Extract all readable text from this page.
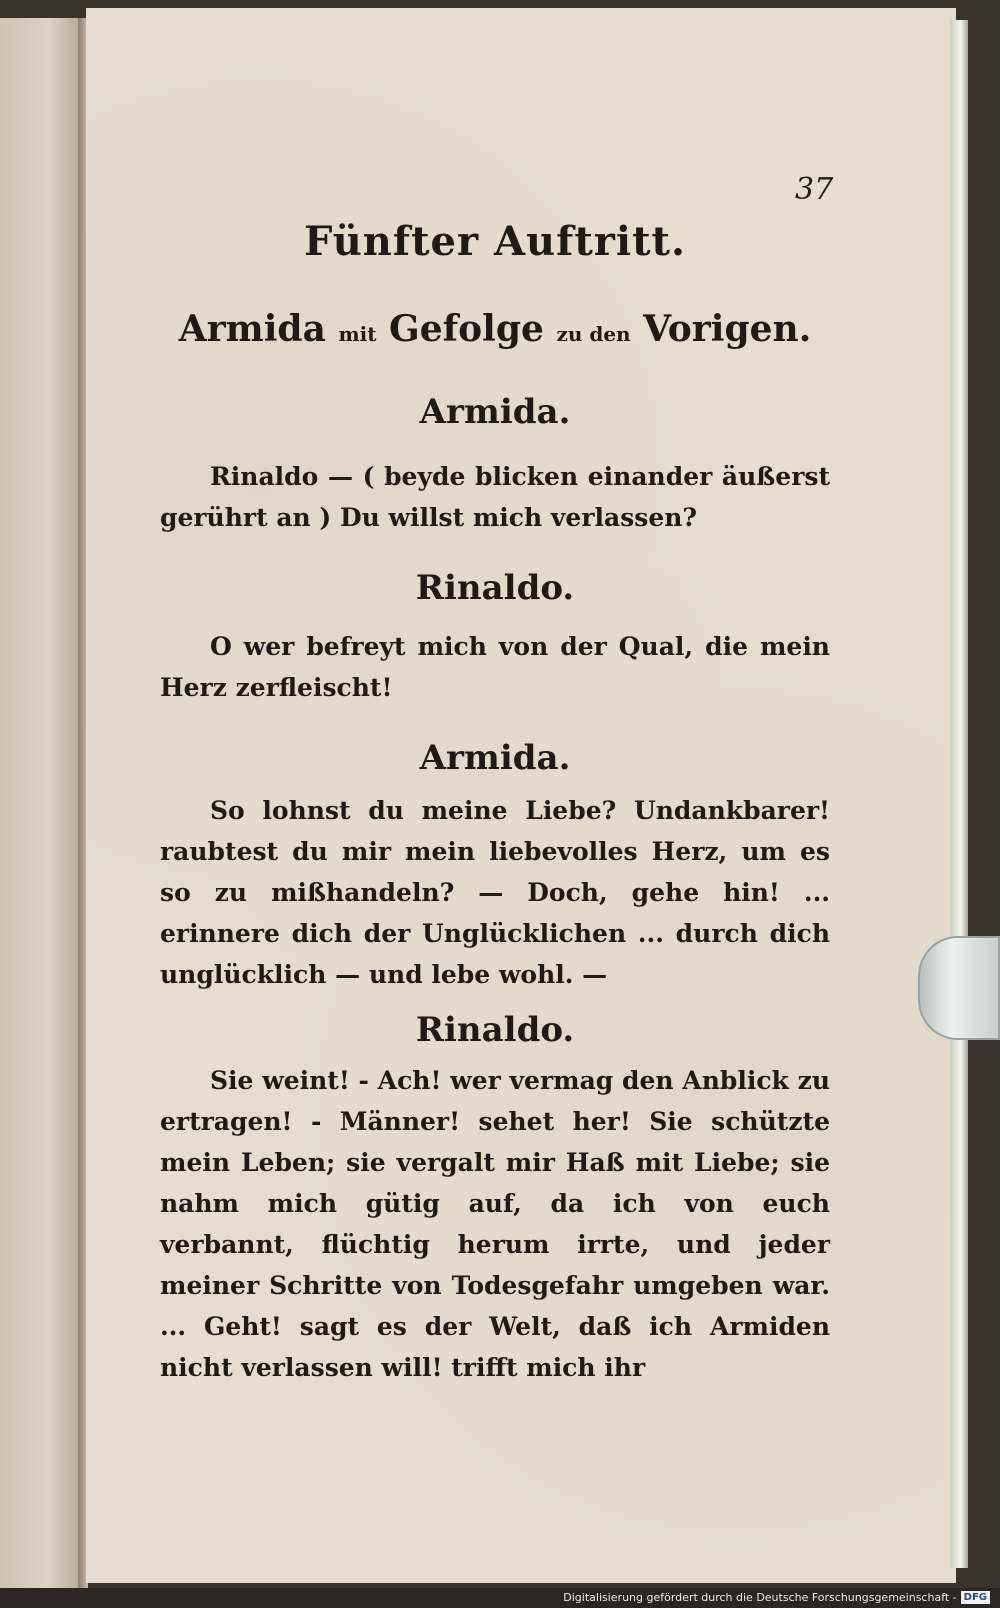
37
Fünfter Auftritt.
Armida mit Gefolge zu den Vorigen.
Armida.
Rinaldo — ( beyde blicken einander äußerst gerührt an ) Du willst mich verlassen?
Rinaldo.
O wer befreyt mich von der Qual, die mein Herz zerfleischt!
Armida.
So lohnst du meine Liebe? Undankbarer! raubtest du mir mein liebevolles Herz, um es so zu mißhandeln? — Doch, gehe hin! ... erinnere dich der Unglücklichen ... durch dich unglücklich — und lebe wohl. —
Rinaldo.
Sie weint! - Ach! wer vermag den Anblick zu ertragen! - Männer! sehet her! Sie schützte mein Leben; sie vergalt mir Haß mit Liebe; sie nahm mich gütig auf, da ich von euch verbannt, flüchtig herum irrte, und jeder meiner Schritte von Todesgefahr umgeben war. ... Geht! sagt es der Welt, daß ich Armiden nicht verlassen will! trifft mich ihr
Digitalisierung gefördert durch die Deutsche Forschungsgemeinschaft - DFG
